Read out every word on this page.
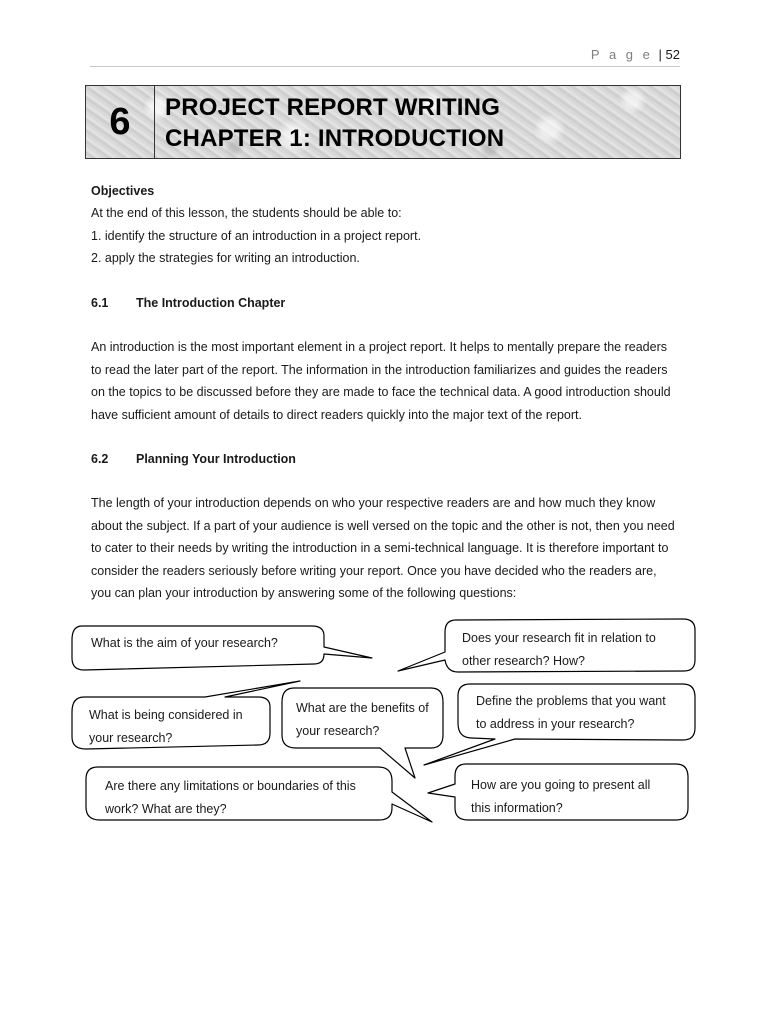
P a g e | 52
6	PROJECT REPORT WRITING
CHAPTER 1: INTRODUCTION
Objectives
At the end of this lesson, the students should be able to:
1. identify the structure of an introduction in a project report.
2. apply the strategies for writing an introduction.
6.1 The Introduction Chapter
An introduction is the most important element in a project report. It helps to mentally prepare the readers
to read the later part of the report. The information in the introduction familiarizes and guides the readers
on the topics to be discussed before they are made to face the technical data. A good introduction should
have sufficient amount of details to direct readers quickly into the major text of the report.
6.2 Planning Your Introduction
The length of your introduction depends on who your respective readers are and how much they know
about the subject. If a part of your audience is well versed on the topic and the other is not, then you need
to cater to their needs by writing the introduction in a semi-technical language. It is therefore important to
consider the readers seriously before writing your report. Once you have decided who the readers are,
you can plan your introduction by answering some of the following questions:
What is the aim of your research?	Does your research fit in relation to
other research? How?
What is being considered in
your research?
What are the benefits of
your research?
Define the problems that you want
to address in your research?
Are there any limitations or boundaries of this
work? What are they?
How are you going to present all
this information?
